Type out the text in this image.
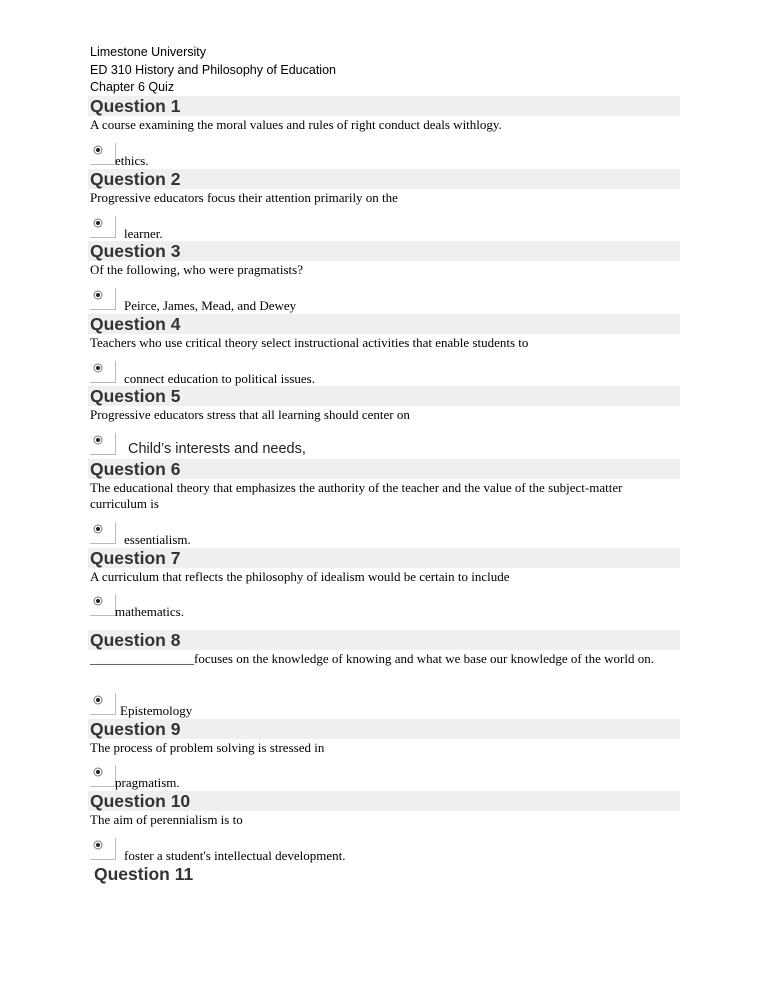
Limestone University
ED 310 History and Philosophy of Education
Chapter 6 Quiz
Question 1
A course examining the moral values and rules of right conduct deals withlogy.
ethics.
Question 2
Progressive educators focus their attention primarily on the
learner.
Question 3
Of the following, who were pragmatists?
Peirce, James, Mead, and Dewey
Question 4
Teachers who use critical theory select instructional activities that enable students to
connect education to political issues.
Question 5
Progressive educators stress that all learning should center on
Child’s interests and needs,
Question 6
The educational theory that emphasizes the authority of the teacher and the value of the subject-matter curriculum is
essentialism.
Question 7
A curriculum that reflects the philosophy of idealism would be certain to include
mathematics.
Question 8
________________focuses on the knowledge of knowing and what we base our knowledge of the world on.
Epistemology
Question 9
The process of problem solving is stressed in
pragmatism.
Question 10
The aim of perennialism is to
foster a student's intellectual development.
Question 11
